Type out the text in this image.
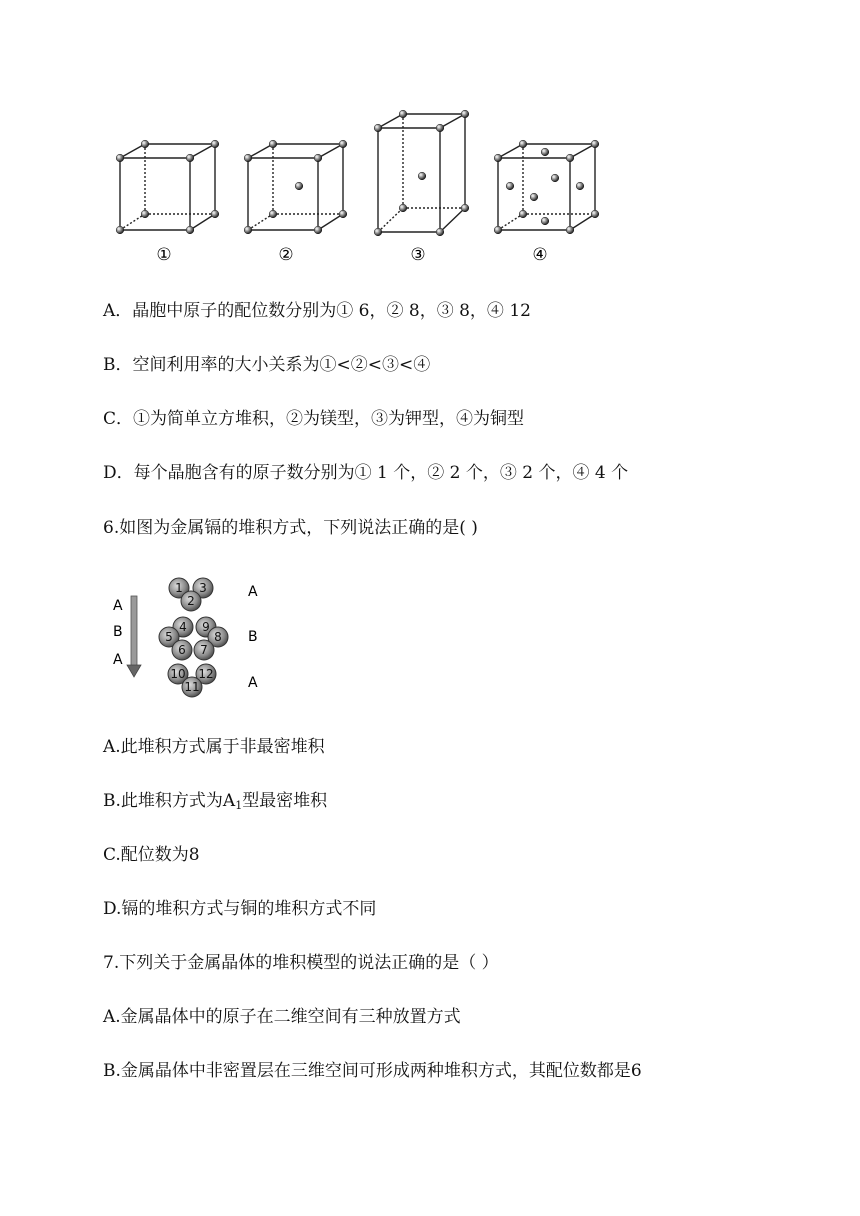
①	②	③	④
A．晶胞中原子的配位数分别为① 6，② 8，③ 8，④ 12
B．空间利用率的大小关系为①<②<③<④
C．①为简单立方堆积，②为镁型，③为钾型，④为铜型
D．每个晶胞含有的原子数分别为① 1 个，② 2 个，③ 2 个，④ 4 个
6.如图为金属镉的堆积方式，下列说法正确的是( )
A
B
A
A
B
A
1 3
2
4 9
5	8
6 7
10 12
11
A.此堆积方式属于非最密堆积
B.此堆积方式为$A_1$型最密堆积
C.配位数为8
D.镉的堆积方式与铜的堆积方式不同
7.下列关于金属晶体的堆积模型的说法正确的是（ ）
A.金属晶体中的原子在二维空间有三种放置方式
B.金属晶体中非密置层在三维空间可形成两种堆积方式，其配位数都是6
